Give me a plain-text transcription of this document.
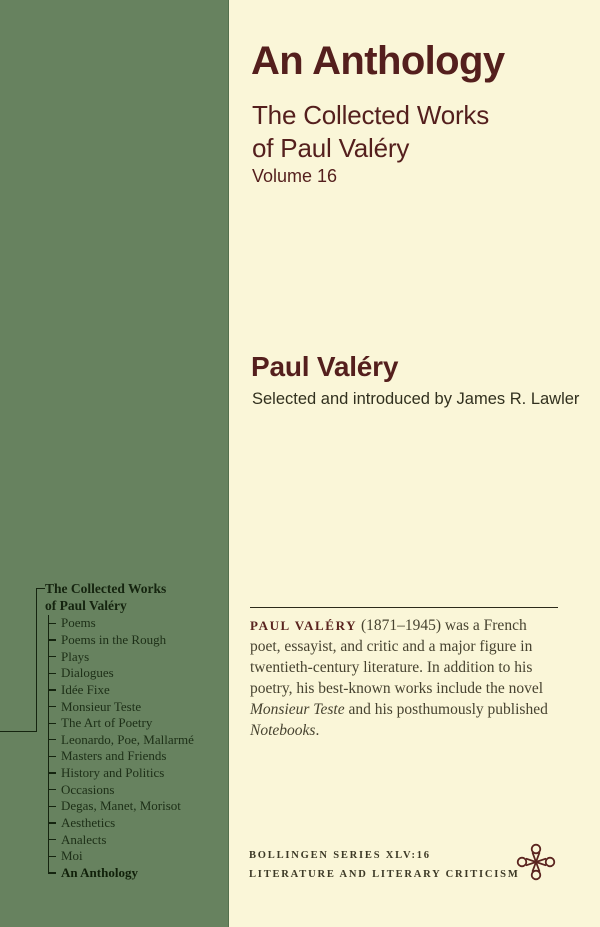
An Anthology
The Collected Works
of Paul Valéry
Volume 16
Paul Valéry
Selected and introduced by James R. Lawler
The Collected Works
of Paul Valéry
Poems
Poems in the Rough
Plays
Dialogues
Idée Fixe
Monsieur Teste
The Art of Poetry
Leonardo, Poe, Mallarmé
Masters and Friends
History and Politics
Occasions
Degas, Manet, Morisot
Aesthetics
Analects
Moi
An Anthology
PAUL VALÉRY (1871–1945) was a French poet, essayist, and critic and a major figure in twentieth-century literature. In addition to his poetry, his best-known works include the novel Monsieur Teste and his posthumously published Notebooks.
BOLLINGEN SERIES XLV:16
LITERATURE AND LITERARY CRITICISM
